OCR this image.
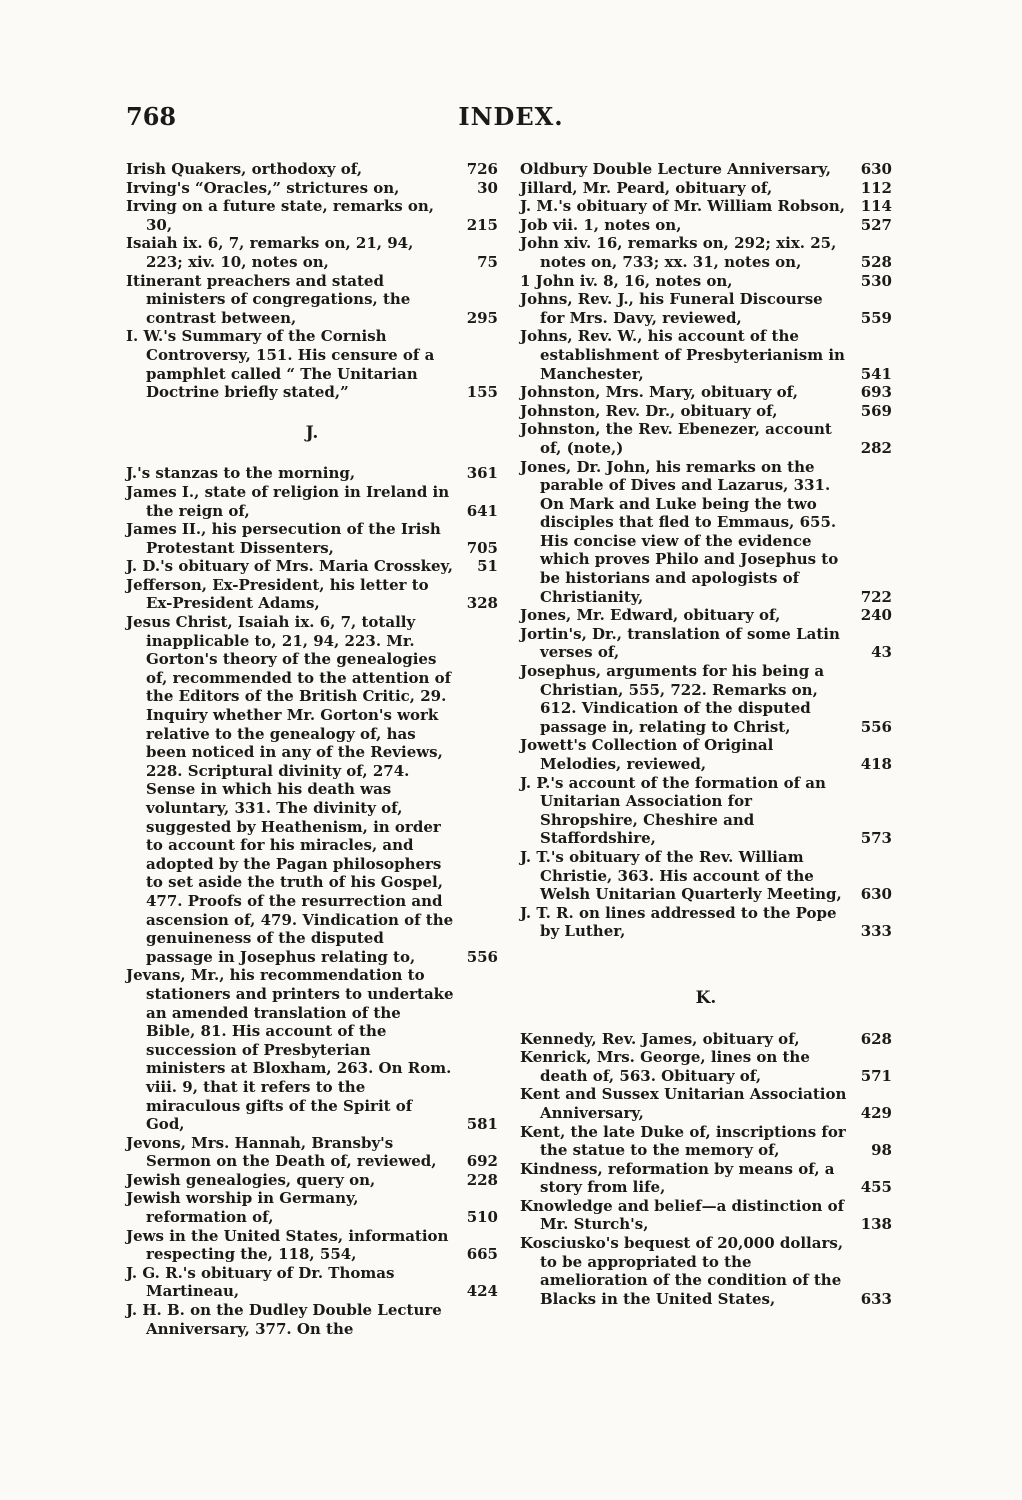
768	INDEX.

Irish Quakers, orthodoxy of,	726

Irving's “Oracles,” strictures on,	30

Irving on a future state, remarks on, 30,	215

Isaiah ix. 6, 7, remarks on, 21, 94, 223; xiv. 10, notes on,	75

Itinerant preachers and stated ministers of congregations, the contrast between,	295

I. W.'s Summary of the Cornish Controversy, 151. His censure of a pamphlet called “ The Unitarian Doctrine briefly stated,”	155

J.

J.'s stanzas to the morning,	361

James I., state of religion in Ireland in the reign of,	641

James II., his persecution of the Irish Protestant Dissenters,	705

J. D.'s obituary of Mrs. Maria Crosskey, 51

Jefferson, Ex-President, his letter to Ex-President Adams,	328

Jesus Christ, Isaiah ix. 6, 7, totally inapplicable to, 21, 94, 223. Mr. Gorton's theory of the genealogies of, recommended to the attention of the Editors of the British Critic, 29. Inquiry whether Mr. Gorton's work relative to the genealogy of, has been noticed in any of the Reviews, 228. Scriptural divinity of, 274. Sense in which his death was voluntary, 331. The divinity of, suggested by Heathenism, in order to account for his miracles, and adopted by the Pagan philosophers to set aside the truth of his Gospel, 477. Proofs of the resurrection and ascension of, 479. Vindication of the genuineness of the disputed passage in Josephus relating to,	556

Jevans, Mr., his recommendation to stationers and printers to undertake an amended translation of the Bible, 81. His account of the succession of Presbyterian ministers at Bloxham, 263. On Rom. viii. 9, that it refers to the miraculous gifts of the Spirit of God,	581

Jevons, Mrs. Hannah, Bransby's Sermon on the Death of, reviewed, 692

Jewish genealogies, query on,	228

Jewish worship in Germany, reformation of,	510

Jews in the United States, information respecting the, 118, 554,	665

J. G. R.'s obituary of Dr. Thomas Martineau,	424

J. H. B. on the Dudley Double Lecture Anniversary, 377. On the

Oldbury Double Lecture Anniversary, 630

Jillard, Mr. Peard, obituary of,	112

J. M.'s obituary of Mr. William Robson, 114

Job vii. 1, notes on,	527

John xiv. 16, remarks on, 292; xix. 25, notes on, 733; xx. 31, notes on,	528

1 John iv. 8, 16, notes on,	530

Johns, Rev. J., his Funeral Discourse for Mrs. Davy, reviewed,	559

Johns, Rev. W., his account of the establishment of Presbyterianism in Manchester,	541

Johnston, Mrs. Mary, obituary of,	693

Johnston, Rev. Dr., obituary of,	569

Johnston, the Rev. Ebenezer, account of, (note,)	282

Jones, Dr. John, his remarks on the parable of Dives and Lazarus, 331. On Mark and Luke being the two disciples that fled to Emmaus, 655. His concise view of the evidence which proves Philo and Josephus to be historians and apologists of Christianity,	722

Jones, Mr. Edward, obituary of,	240

Jortin's, Dr., translation of some Latin verses of,	43

Josephus, arguments for his being a Christian, 555, 722. Remarks on, 612. Vindication of the disputed passage in, relating to Christ,	556

Jowett's Collection of Original Melodies, reviewed,	418

J. P.'s account of the formation of an Unitarian Association for Shropshire, Cheshire and Staffordshire,	573

J. T.'s obituary of the Rev. William Christie, 363. His account of the Welsh Unitarian Quarterly Meeting, 630

J. T. R. on lines addressed to the Pope by Luther,	333

K.

Kennedy, Rev. James, obituary of,	628

Kenrick, Mrs. George, lines on the death of, 563. Obituary of,	571

Kent and Sussex Unitarian Association Anniversary,	429

Kent, the late Duke of, inscriptions for the statue to the memory of,	98

Kindness, reformation by means of, a story from life,	455

Knowledge and belief—a distinction of Mr. Sturch's,	138

Kosciusko's bequest of 20,000 dollars, to be appropriated to the amelioration of the condition of the Blacks in the United States,	633
